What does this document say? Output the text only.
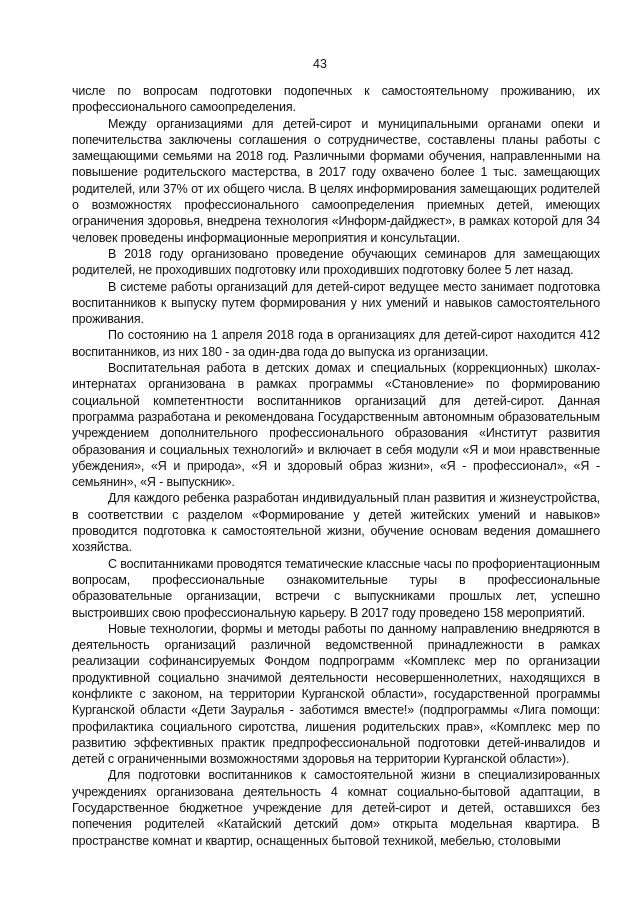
43

числе по вопросам подготовки подопечных к самостоятельному проживанию, их профессионального самоопределения.

Между организациями для детей-сирот и муниципальными органами опеки и попечительства заключены соглашения о сотрудничестве, составлены планы работы с замещающими семьями на 2018 год. Различными формами обучения, направленными на повышение родительского мастерства, в 2017 году охвачено более 1 тыс. замещающих родителей, или 37% от их общего числа. В целях информирования замещающих родителей о возможностях профессионального самоопределения приемных детей, имеющих ограничения здоровья, внедрена технология «Информ-дайджест», в рамках которой для 34 человек проведены информационные мероприятия и консультации.

В 2018 году организовано проведение обучающих семинаров для замещающих родителей, не проходивших подготовку или проходивших подготовку более 5 лет назад.

В системе работы организаций для детей-сирот ведущее место занимает подготовка воспитанников к выпуску путем формирования у них умений и навыков самостоятельного проживания.

По состоянию на 1 апреля 2018 года в организациях для детей-сирот находится 412 воспитанников, из них 180 - за один-два года до выпуска из организации.

Воспитательная работа в детских домах и специальных (коррекционных) школах-интернатах организована в рамках программы «Становление» по формированию социальной компетентности воспитанников организаций для детей-сирот. Данная программа разработана и рекомендована Государственным автономным образовательным учреждением дополнительного профессионального образования «Институт развития образования и социальных технологий» и включает в себя модули «Я и мои нравственные убеждения», «Я и природа», «Я и здоровый образ жизни», «Я - профессионал», «Я - семьянин», «Я - выпускник».

Для каждого ребенка разработан индивидуальный план развития и жизнеустройства, в соответствии с разделом «Формирование у детей житейских умений и навыков» проводится подготовка к самостоятельной жизни, обучение основам ведения домашнего хозяйства.

С воспитанниками проводятся тематические классные часы по профориентационным вопросам, профессиональные ознакомительные туры в профессиональные образовательные организации, встречи с выпускниками прошлых лет, успешно выстроивших свою профессиональную карьеру. В 2017 году проведено 158 мероприятий.

Новые технологии, формы и методы работы по данному направлению внедряются в деятельность организаций различной ведомственной принадлежности в рамках реализации софинансируемых Фондом подпрограмм «Комплекс мер по организации продуктивной социально значимой деятельности несовершеннолетних, находящихся в конфликте с законом, на территории Курганской области», государственной программы Курганской области «Дети Зауралья - заботимся вместе!» (подпрограммы «Лига помощи: профилактика социального сиротства, лишения родительских прав», «Комплекс мер по развитию эффективных практик предпрофессиональной подготовки детей-инвалидов и детей с ограниченными возможностями здоровья на территории Курганской области»).

Для подготовки воспитанников к самостоятельной жизни в специализированных учреждениях организована деятельность 4 комнат социально-бытовой адаптации, в Государственное бюджетное учреждение для детей-сирот и детей, оставшихся без попечения родителей «Катайский детский дом» открыта модельная квартира. В пространстве комнат и квартир, оснащенных бытовой техникой, мебелью, столовыми
